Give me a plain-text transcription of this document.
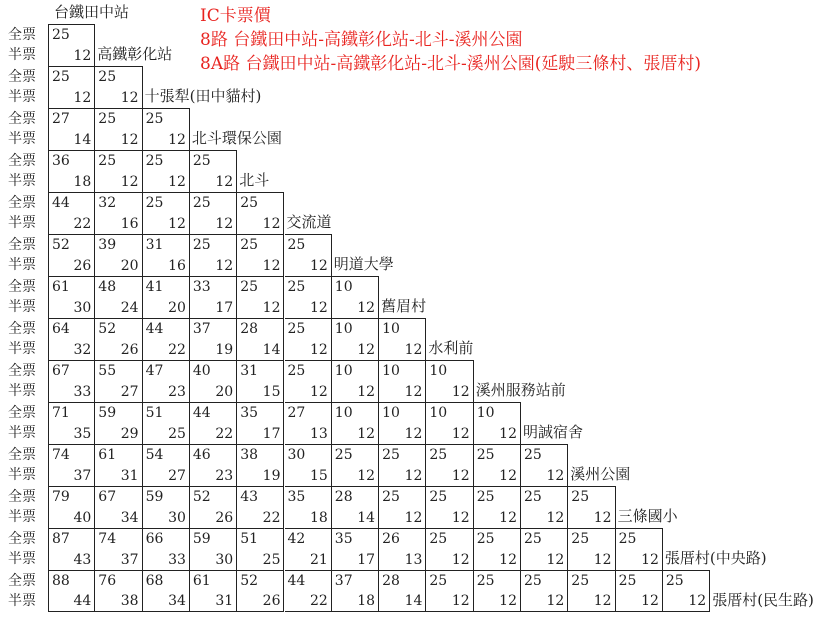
台鐵田中站	IC卡票價
8路 台鐵田中站-高鐵彰化站-北斗-溪州公園
8A路 台鐵田中站-高鐵彰化站-北斗-溪州公園(延駛三條村、張厝村)
全票
半票
25
12 高鐵彰化站
全票
半票
25
12
25
12 十張犁(田中貓村)
全票
半票
27
14
25
12
25
12 北斗環保公園
全票
半票
36
18
25
12
25
12
25
12 北斗
全票
半票
44
22
32
16
25
12
25
12
25
12 交流道
全票
半票
52
26
39
20
31
16
25
12
25
12
25
12 明道大學
全票
半票
61
30
48
24
41
20
33
17
25
12
25
12
10
12 舊眉村
全票
半票
64
32
52
26
44
22
37
19
28
14
25
12
10
12
10
12 水利前
全票
半票
67
33
55
27
47
23
40
20
31
15
25
12
10
12
10
12
10
12 溪州服務站前
全票
半票
71
35
59
29
51
25
44
22
35
17
27
13
10
12
10
12
10
12
10
12 明誠宿舍
全票
半票
74
37
61
31
54
27
46
23
38
19
30
15
25
12
25
12
25
12
25
12
25
12 溪州公園
全票
半票
79
40
67
34
59
30
52
26
43
22
35
18
28
14
25
12
25
12
25
12
25
12
25
12 三條國小
全票
半票
87
43
74
37
66
33
59
30
51
25
42
21
35
17
26
13
25
12
25
12
25
12
25
12
25
12 張厝村(中央路)
全票
半票
88
44
76
38
68
34
61
31
52
26
44
22
37
18
28
14
25
12
25
12
25
12
25
12
25
12
25
12 張厝村(民生路)
